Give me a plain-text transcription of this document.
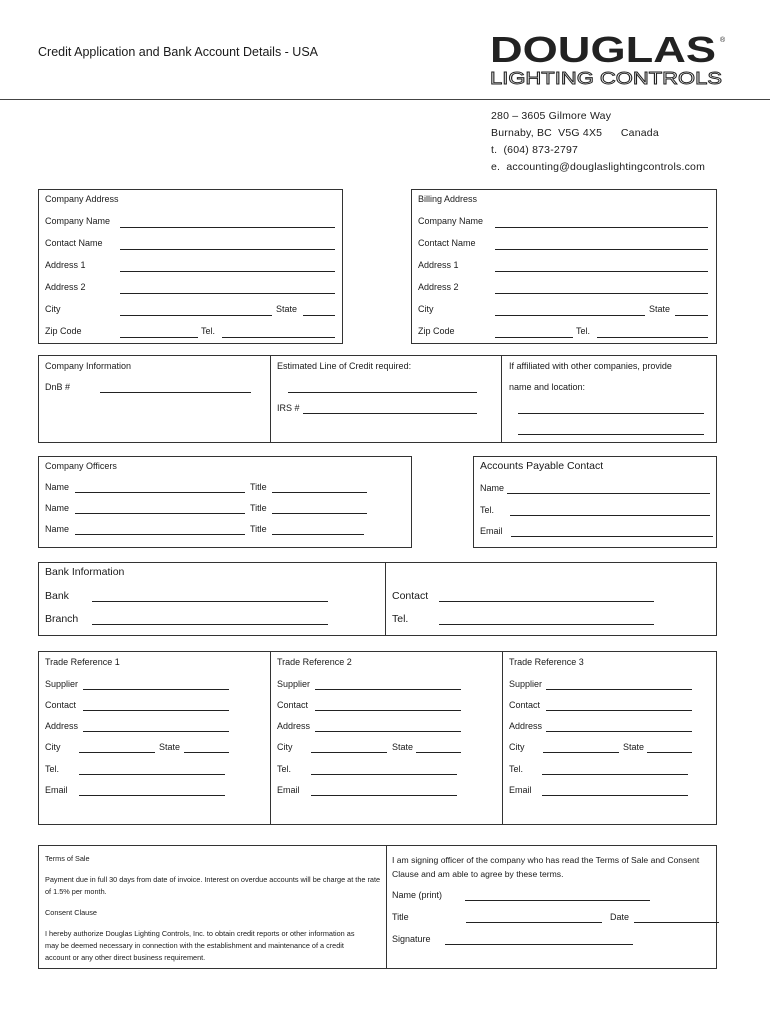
Credit Application and Bank Account Details - USA	DOUGLAS ®
LIGHTING CONTROLS
280 – 3605 Gilmore Way
Burnaby, BC  V5G 4X5      Canada
t.  (604) 873-2797
e.  accounting@douglaslightingcontrols.com
Company Address
Company Name
Contact Name
Address 1
Address 2
City	State
Zip Code	Tel.
Billing Address
Company Name
Contact Name
Address 1
Address 2
City	State
Zip Code	Tel.
Company Information
DnB #
Estimated Line of Credit required:
IRS #
If affiliated with other companies, provide
name and location:
Company Officers
Name	Title
Name	Title
Name	Title
Accounts Payable Contact
Name
Tel.
Email
Bank Information
Bank
Branch
Contact
Tel.
Trade Reference 1
Supplier
Contact
Address
City	State
Tel.
Email
Trade Reference 2
Supplier
Contact
Address
City	State
Tel.
Email
Trade Reference 3
Supplier
Contact
Address
City	State
Tel.
Email
Terms of Sale
Payment due in full 30 days from date of invoice. Interest on overdue accounts will be charge at the rate of 1.5% per month.
Consent Clause
I hereby authorize Douglas Lighting Controls, Inc. to obtain credit reports or other information as may be deemed necessary in connection with the establishment and maintenance of a credit account or any other direct business requirement.
I am signing officer of the company who has read the Terms of Sale and Consent Clause and am able to agree by these terms.
Name (print)
Title	Date
Signature
